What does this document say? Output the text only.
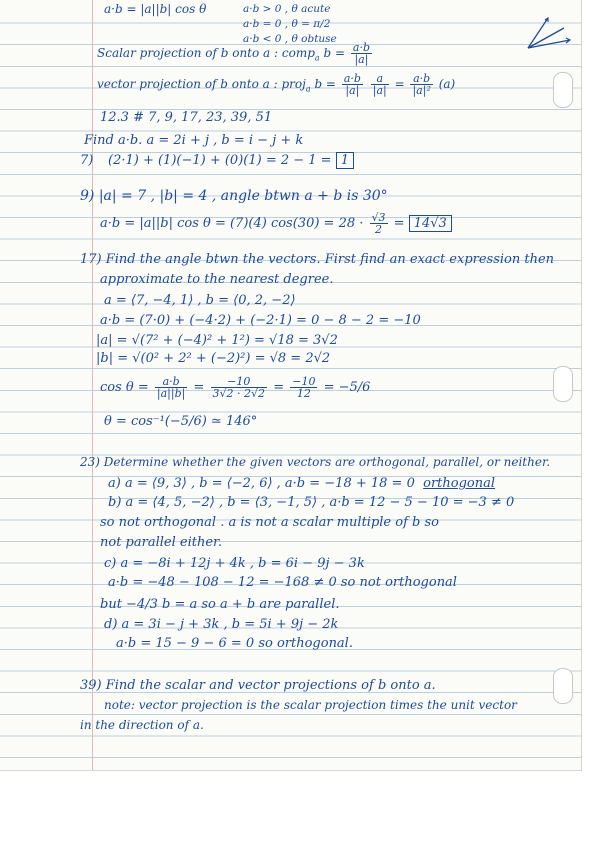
a·b = |a||b| cos θ	a·b > 0 , θ acute
a·b = 0 , θ = π/2
a·b < 0 , θ obtuse
Scalar projection of b onto a : comp$_a$ $b = \frac{a\cdot b}{|a|}$
vector projection of b onto a : proj$_a$ $b = \frac{a\cdot b}{|a|}$
$\frac{a}{|a|} = \frac{a\cdot b}{\text{|a|²}} (a)$
12.3 # 7, 9, 17, 23, 39, 51
Find a·b. a = 2i + j , b = i − j + k
7) (2·1) + (1)(−1) + (0)(1) = 2 − 1 = 1
9) |a| = 7 , |b| = 4 , angle btwn a + b is 30°
a·b = |a||b| cos θ = (7)(4) $\cos(30) = 28 \cdot \frac{√3}{2} = 14√3$
17) Find the angle btwn the vectors. First find an exact expression then
approximate to the nearest degree.
a = ⟨7, −4, 1⟩ , b = ⟨0, 2, −2⟩
a·b = (7·0) + (−4·2) + (−2·1) = 0 − 8 − 2 = −10
|a| = √(7² + (−4)² + 1²) = √18 = 3√2
|b| = √(0² + 2² + (−2)²) = √8 = 2√2
$\cos \theta = \frac{a\cdot b}{|a||b|} = \frac{-10}{3√2 \cdot 2√2} = \frac{-10}{12} = -5/6$
θ = cos⁻¹(−5/6) ≃ 146°
23) Determine whether the given vectors are orthogonal, parallel, or neither.
a) a = ⟨9, 3⟩ , b = ⟨−2, 6⟩ , a·b = −18 + 18 = 0 orthogonal
b) a = ⟨4, 5, −2⟩ , b = ⟨3, −1, 5⟩ , a·b = 12 − 5 − 10 = −3 ≠ 0
so not orthogonal . a is not a scalar multiple of b so
not parallel either.
c) a = −8i + 12j + 4k , b = 6i − 9j − 3k
a·b = −48 − 108 − 12 = −168 ≠ 0 so not orthogonal
but −4/3 b = a so a + b are parallel.
d) a = 3i − j + 3k , b = 5i + 9j − 2k
a·b = 15 − 9 − 6 = 0 so orthogonal.
39) Find the scalar and vector projections of b onto a.
note: vector projection is the scalar projection times the unit vector
in the direction of a.
